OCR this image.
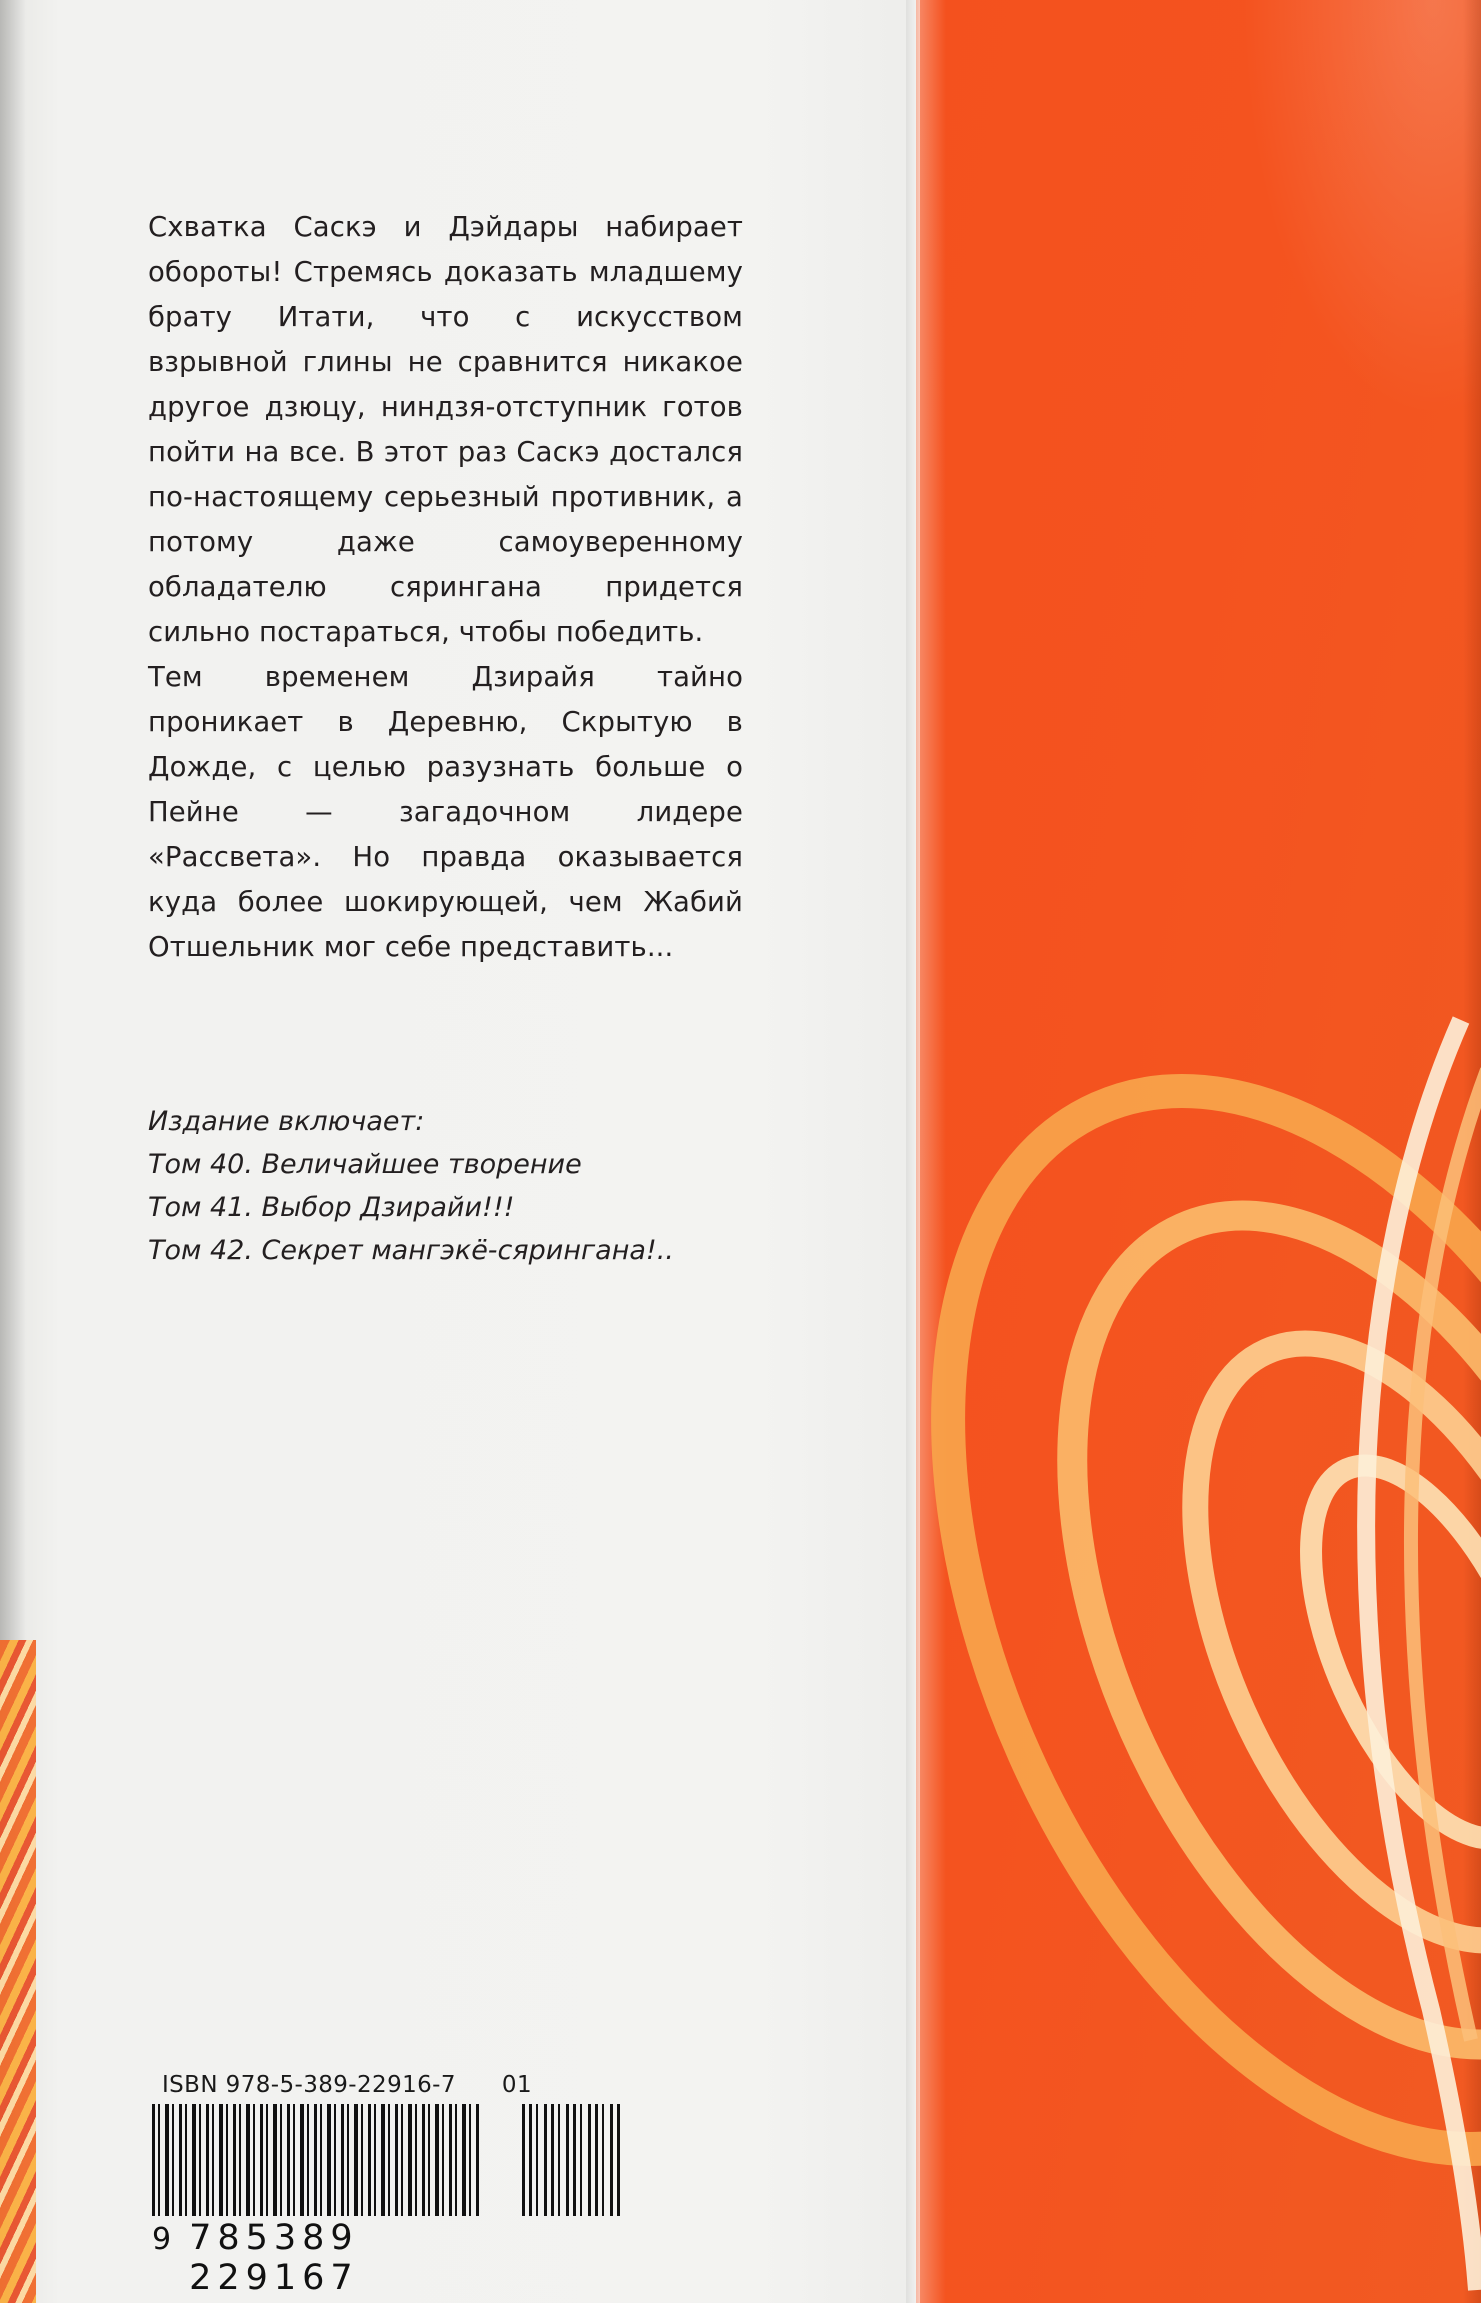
Схватка Саскэ и Дэйдары набирает обороты! Стремясь доказать младшему брату Итати, что с искусством взрывной глины не сравнится никакое другое дзюцу, ниндзя-отступник готов пойти на все. В этот раз Саскэ достался по-настоящему серьезный противник, а потому даже самоуверенному обладателю сярингана придется сильно постараться, чтобы победить.

Тем временем Дзирайя тайно проникает в Деревню, Скрытую в Дожде, с целью разузнать больше о Пейне — загадочном лидере «Рассвета». Но правда оказывается куда более шокирующей, чем Жабий Отшельник мог себе представить...

Издание включает:
Том 40. Величайшее творение
Том 41. Выбор Дзирайи!!!
Том 42. Секрет мангэкё-сярингана!..
ISBN 978-5-389-22916-7 01
9 785389 229167
